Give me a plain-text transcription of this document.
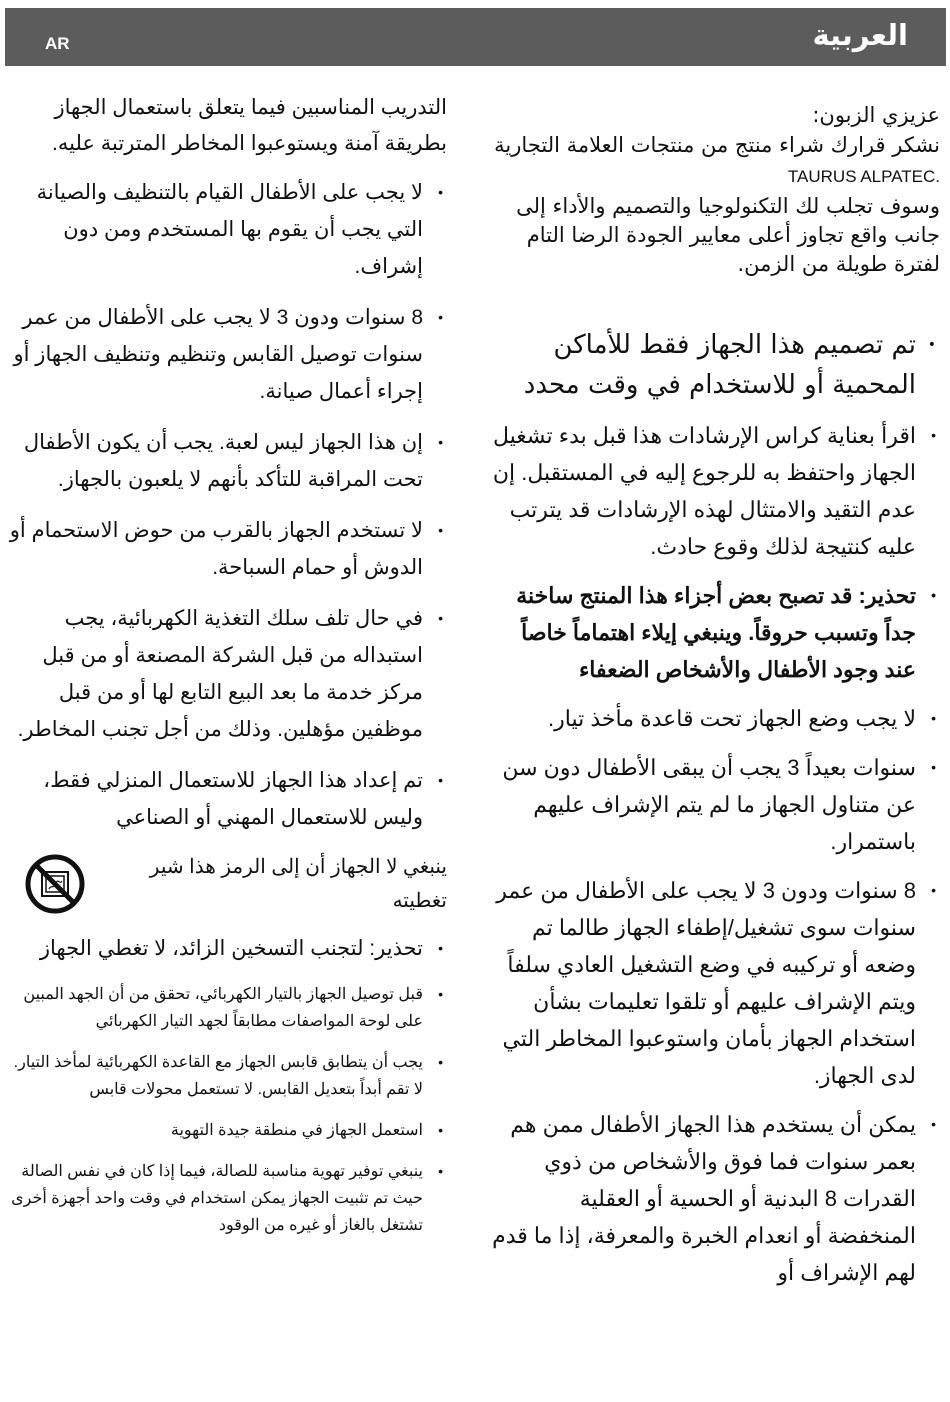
AR	العربية

عزيزي الزبون:

نشكر قرارك شراء منتج من منتجات العلامة التجارية TAURUS ALPATEC.

وسوف تجلب لك التكنولوجيا والتصميم والأداء إلى جانب واقع تجاوز أعلى معايير الجودة الرضا التام لفترة طويلة من الزمن.

• تم تصميم هذا الجهاز فقط للأماكن المحمية أو للاستخدام في وقت محدد
• اقرأ بعناية كراس الإرشادات هذا قبل بدء تشغيل الجهاز واحتفظ به للرجوع إليه في المستقبل. إن عدم التقيد والامتثال لهذه الإرشادات قد يترتب عليه كنتيجة لذلك وقوع حادث.
• تحذير: قد تصبح بعض أجزاء هذا المنتج ساخنة جداً وتسبب حروقاً. وينبغي إيلاء اهتماماً خاصاً عند وجود الأطفال والأشخاص الضعفاء
• لا يجب وضع الجهاز تحت قاعدة مأخذ تيار.
• سنوات بعيداً 3 يجب أن يبقى الأطفال دون سن عن متناول الجهاز ما لم يتم الإشراف عليهم باستمرار.
• 8 سنوات ودون 3 لا يجب على الأطفال من عمر سنوات سوى تشغيل/إطفاء الجهاز طالما تم وضعه أو تركيبه في وضع التشغيل العادي سلفاً ويتم الإشراف عليهم أو تلقوا تعليمات بشأن استخدام الجهاز بأمان واستوعبوا المخاطر التي لدى الجهاز.
• يمكن أن يستخدم هذا الجهاز الأطفال ممن هم بعمر سنوات فما فوق والأشخاص من ذوي القدرات 8 البدنية أو الحسية أو العقلية المنخفضة أو انعدام الخبرة والمعرفة، إذا ما قدم لهم الإشراف أو

التدريب المناسبين فيما يتعلق باستعمال الجهاز بطريقة آمنة ويستوعبوا المخاطر المترتبة عليه.

• لا يجب على الأطفال القيام بالتنظيف والصيانة التي يجب أن يقوم بها المستخدم ومن دون إشراف.
• 8 سنوات ودون 3 لا يجب على الأطفال من عمر سنوات توصيل القابس وتنظيم وتنظيف الجهاز أو إجراء أعمال صيانة.
• إن هذا الجهاز ليس لعبة. يجب أن يكون الأطفال تحت المراقبة للتأكد بأنهم لا يلعبون بالجهاز.
• لا تستخدم الجهاز بالقرب من حوض الاستحمام أو الدوش أو حمام السباحة.
• في حال تلف سلك التغذية الكهربائية، يجب استبداله من قبل الشركة المصنعة أو من قبل مركز خدمة ما بعد البيع التابع لها أو من قبل موظفين مؤهلين. وذلك من أجل تجنب المخاطر.
• تم إعداد هذا الجهاز للاستعمال المنزلي فقط، وليس للاستعمال المهني أو الصناعي
ينبغي لا الجهاز أن إلى الرمز هذا شير تغطيته
• تحذير: لتجنب التسخين الزائد، لا تغطي الجهاز
• قبل توصيل الجهاز بالتيار الكهربائي، تحقق من أن الجهد المبين على لوحة المواصفات مطابقاً لجهد التيار الكهربائي
• يجب أن يتطابق قابس الجهاز مع القاعدة الكهربائية لمأخذ التيار. لا تقم أبداً بتعديل القابس. لا تستعمل محولات قابس
• استعمل الجهاز في منطقة جيدة التهوية
• ينبغي توفير تهوية مناسبة للصالة، فيما إذا كان في نفس الصالة حيث تم تثبيت الجهاز يمكن استخدام في وقت واحد أجهزة أخرى تشتغل بالغاز أو غيره من الوقود
